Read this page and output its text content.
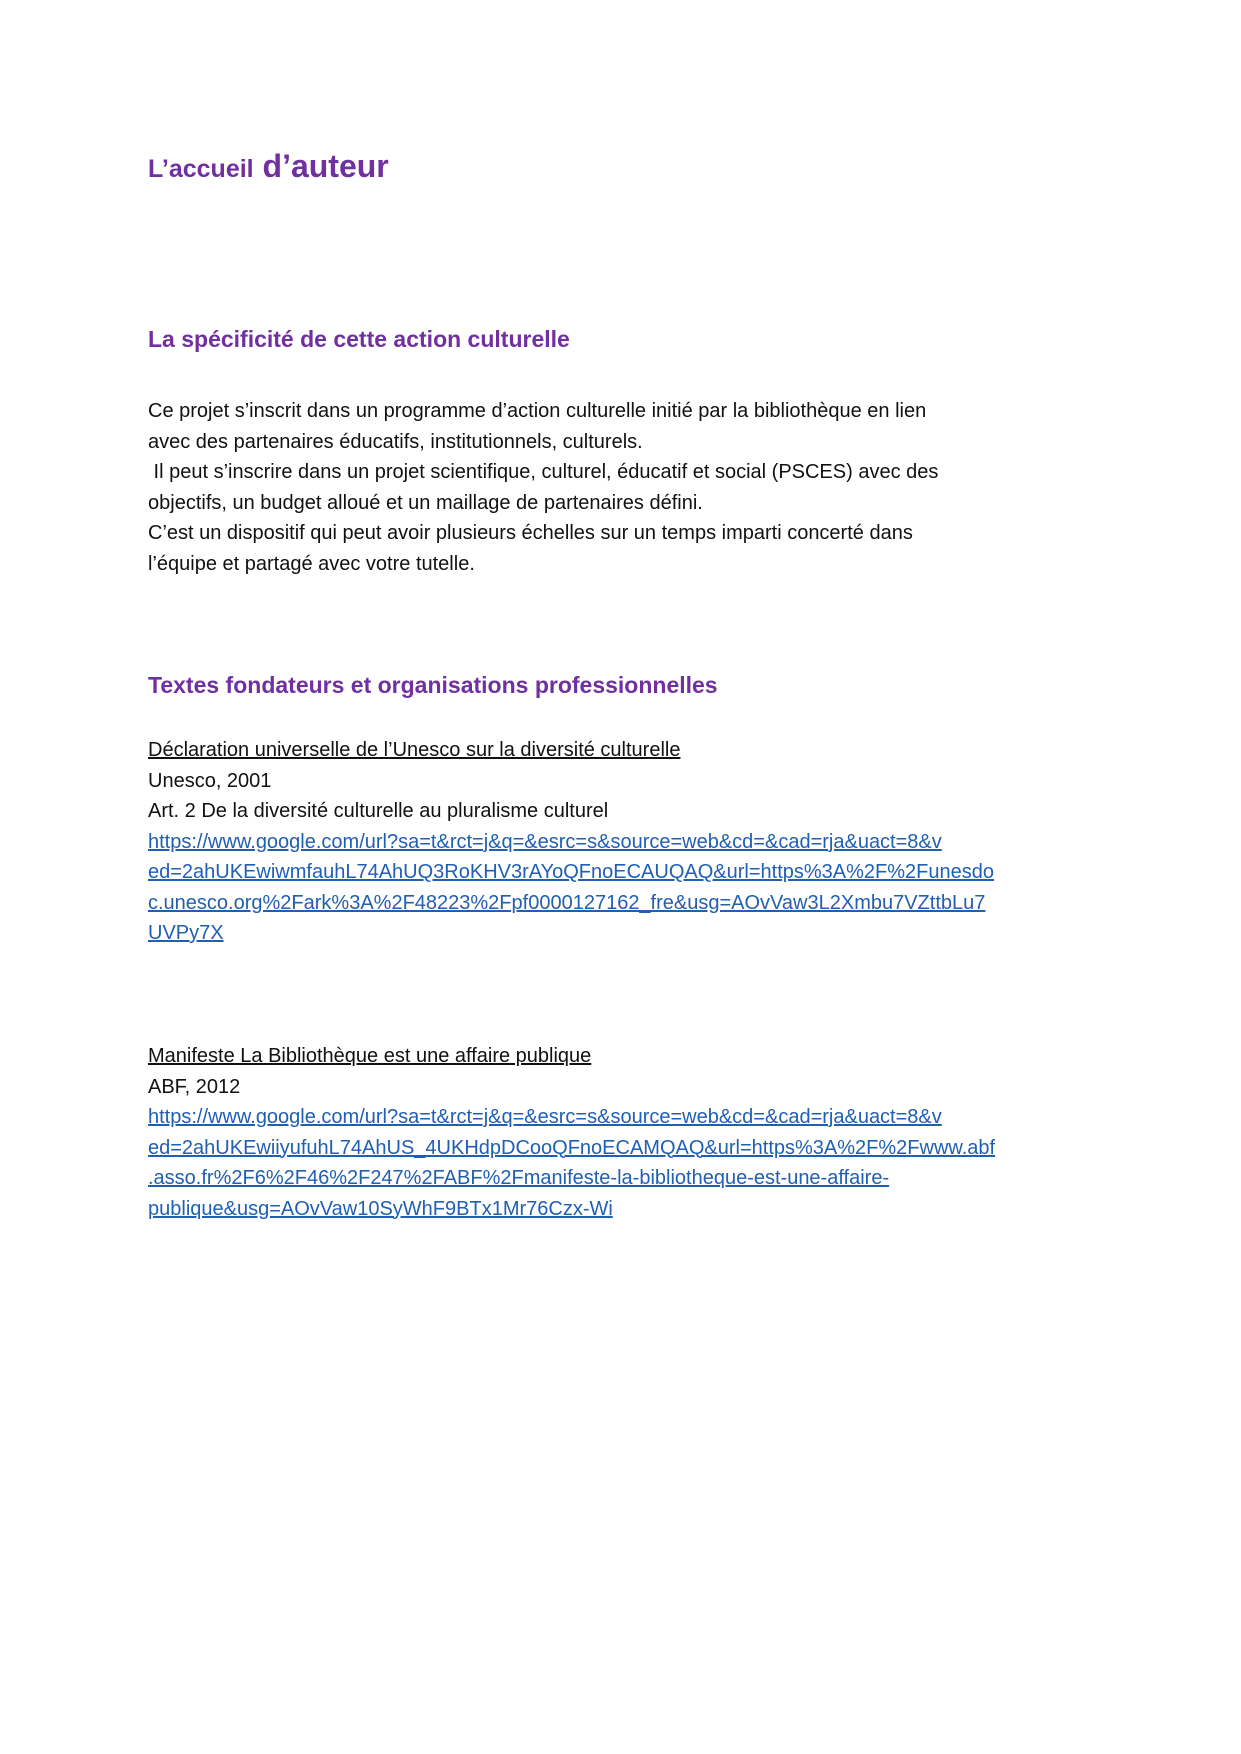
L’accueil d’auteur
La spécificité de cette action culturelle

Ce projet s’inscrit dans un programme d’action culturelle initié par la bibliothèque en lien
avec des partenaires éducatifs, institutionnels, culturels.
Il peut s’inscrire dans un projet scientifique, culturel, éducatif et social (PSCES) avec des
objectifs, un budget alloué et un maillage de partenaires défini.
C’est un dispositif qui peut avoir plusieurs échelles sur un temps imparti concerté dans
l’équipe et partagé avec votre tutelle.

Textes fondateurs et organisations professionnelles
Déclaration universelle de l’Unesco sur la diversité culturelle
Unesco, 2001
Art. 2 De la diversité culturelle au pluralisme culturel
https://www.google.com/url?sa=t&rct=j&q=&esrc=s&source=web&cd=&cad=rja&uact=8&v
ed=2ahUKEwiwmfauhL74AhUQ3RoKHV3rAYoQFnoECAUQAQ&url=https%3A%2F%2Funesdo
c.unesco.org%2Fark%3A%2F48223%2Fpf0000127162_fre&usg=AOvVaw3L2Xmbu7VZttbLu7
UVPy7X
Manifeste La Bibliothèque est une affaire publique
ABF, 2012
https://www.google.com/url?sa=t&rct=j&q=&esrc=s&source=web&cd=&cad=rja&uact=8&v
ed=2ahUKEwiiyufuhL74AhUS_4UKHdpDCooQFnoECAMQAQ&url=https%3A%2F%2Fwww.abf
.asso.fr%2F6%2F46%2F247%2FABF%2Fmanifeste-la-bibliotheque-est-une-affaire-
publique&usg=AOvVaw10SyWhF9BTx1Mr76Czx-Wi
